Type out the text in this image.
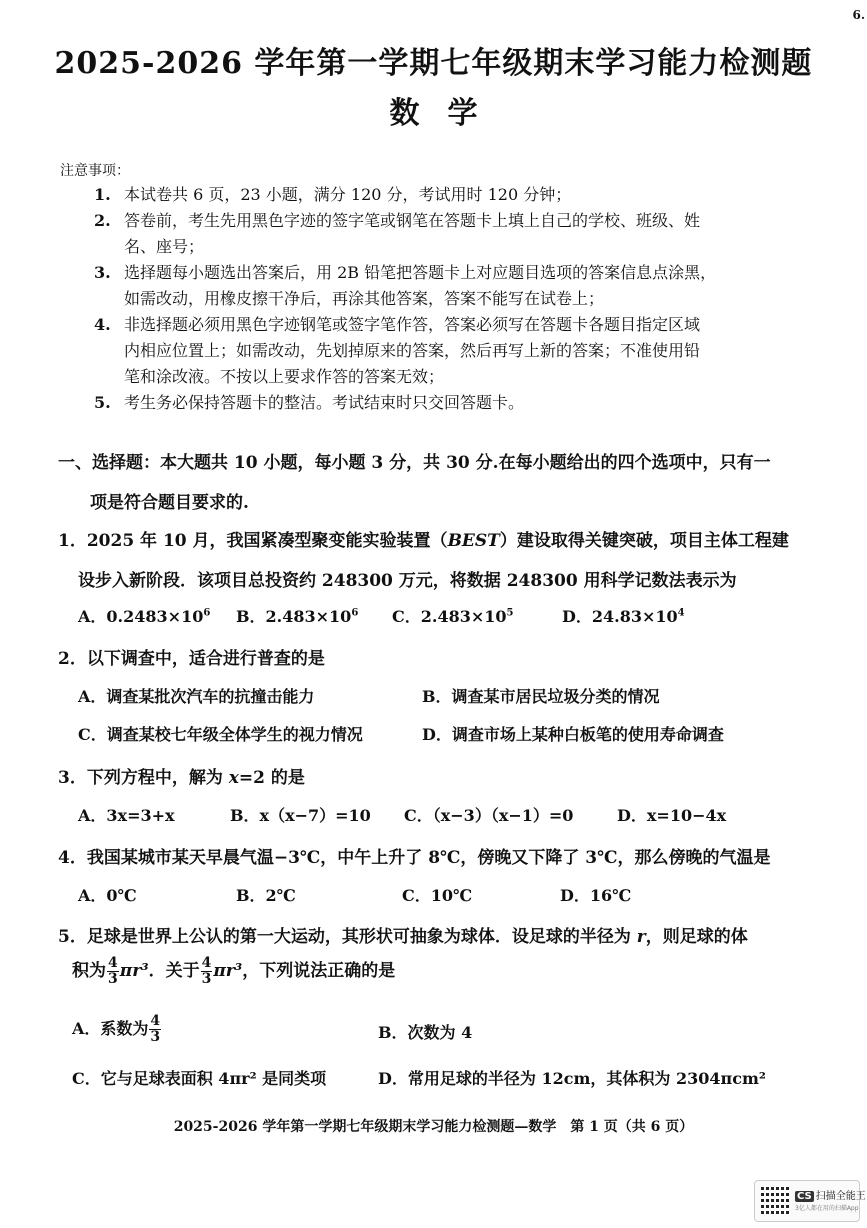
6.
2025-2026 学年第一学期七年级期末学习能力检测题
数学
注意事项：
1. 本试卷共 6 页，23 小题，满分 120 分，考试用时 120 分钟；
2. 答卷前，考生先用黑色字迹的签字笔或钢笔在答题卡上填上自己的学校、班级、姓
名、座号；
3. 选择题每小题选出答案后，用 2B 铅笔把答题卡上对应题目选项的答案信息点涂黑，
如需改动，用橡皮擦干净后，再涂其他答案，答案不能写在试卷上；
4. 非选择题必须用黑色字迹钢笔或签字笔作答，答案必须写在答题卡各题目指定区域
内相应位置上；如需改动，先划掉原来的答案，然后再写上新的答案；不准使用铅
笔和涂改液。不按以上要求作答的答案无效；
5. 考生务必保持答题卡的整洁。考试结束时只交回答题卡。
一、选择题：本大题共 10 小题，每小题 3 分，共 30 分.在每小题给出的四个选项中，只有一
项是符合题目要求的.
1．2025 年 10 月，我国紧凑型聚变能实验装置（BEST）建设取得关键突破，项目主体工程建
设步入新阶段．该项目总投资约 248300 万元，将数据 248300 用科学记数法表示为
A．$0.2483\times 10^6$ B．$2.483\times 10^6$ C．$2.483\times 10^5$	D．$24.83\times 10^4$
2．以下调查中，适合进行普查的是
A．调查某批次汽车的抗撞击能力	B．调查某市居民垃圾分类的情况
C．调查某校七年级全体学生的视力情况	D．调查市场上某种白板笔的使用寿命调查
3．下列方程中，解为 x=2 的是
A．3x=3+x	B．x（x−7）=10 C．（x−3）（x−1）=0	D．x=10−4x
4．我国某城市某天早晨气温−3℃，中午上升了 8℃，傍晚又下降了 3℃，那么傍晚的气温是
A．0℃	B．2℃	C．10℃	D．16℃
5．足球是世界上公认的第一大运动，其形状可抽象为球体．设足球的半径为 r，则足球的体
积为 $\frac{4}{3} \pi r^3$．关于 $\frac{4}{3} \pi r^3$，下列说法正确的是
A．系数为 $\frac{4}{3}$	B．次数为 4
C．它与足球表面积 4πr² 是同类项	D．常用足球的半径为 12cm，其体积为 2304πcm²
2025-2026 学年第一学期七年级期末学习能力检测题—数学　第 1 页（共 6 页）
CS 扫描全能王
3亿人都在用的扫描App
